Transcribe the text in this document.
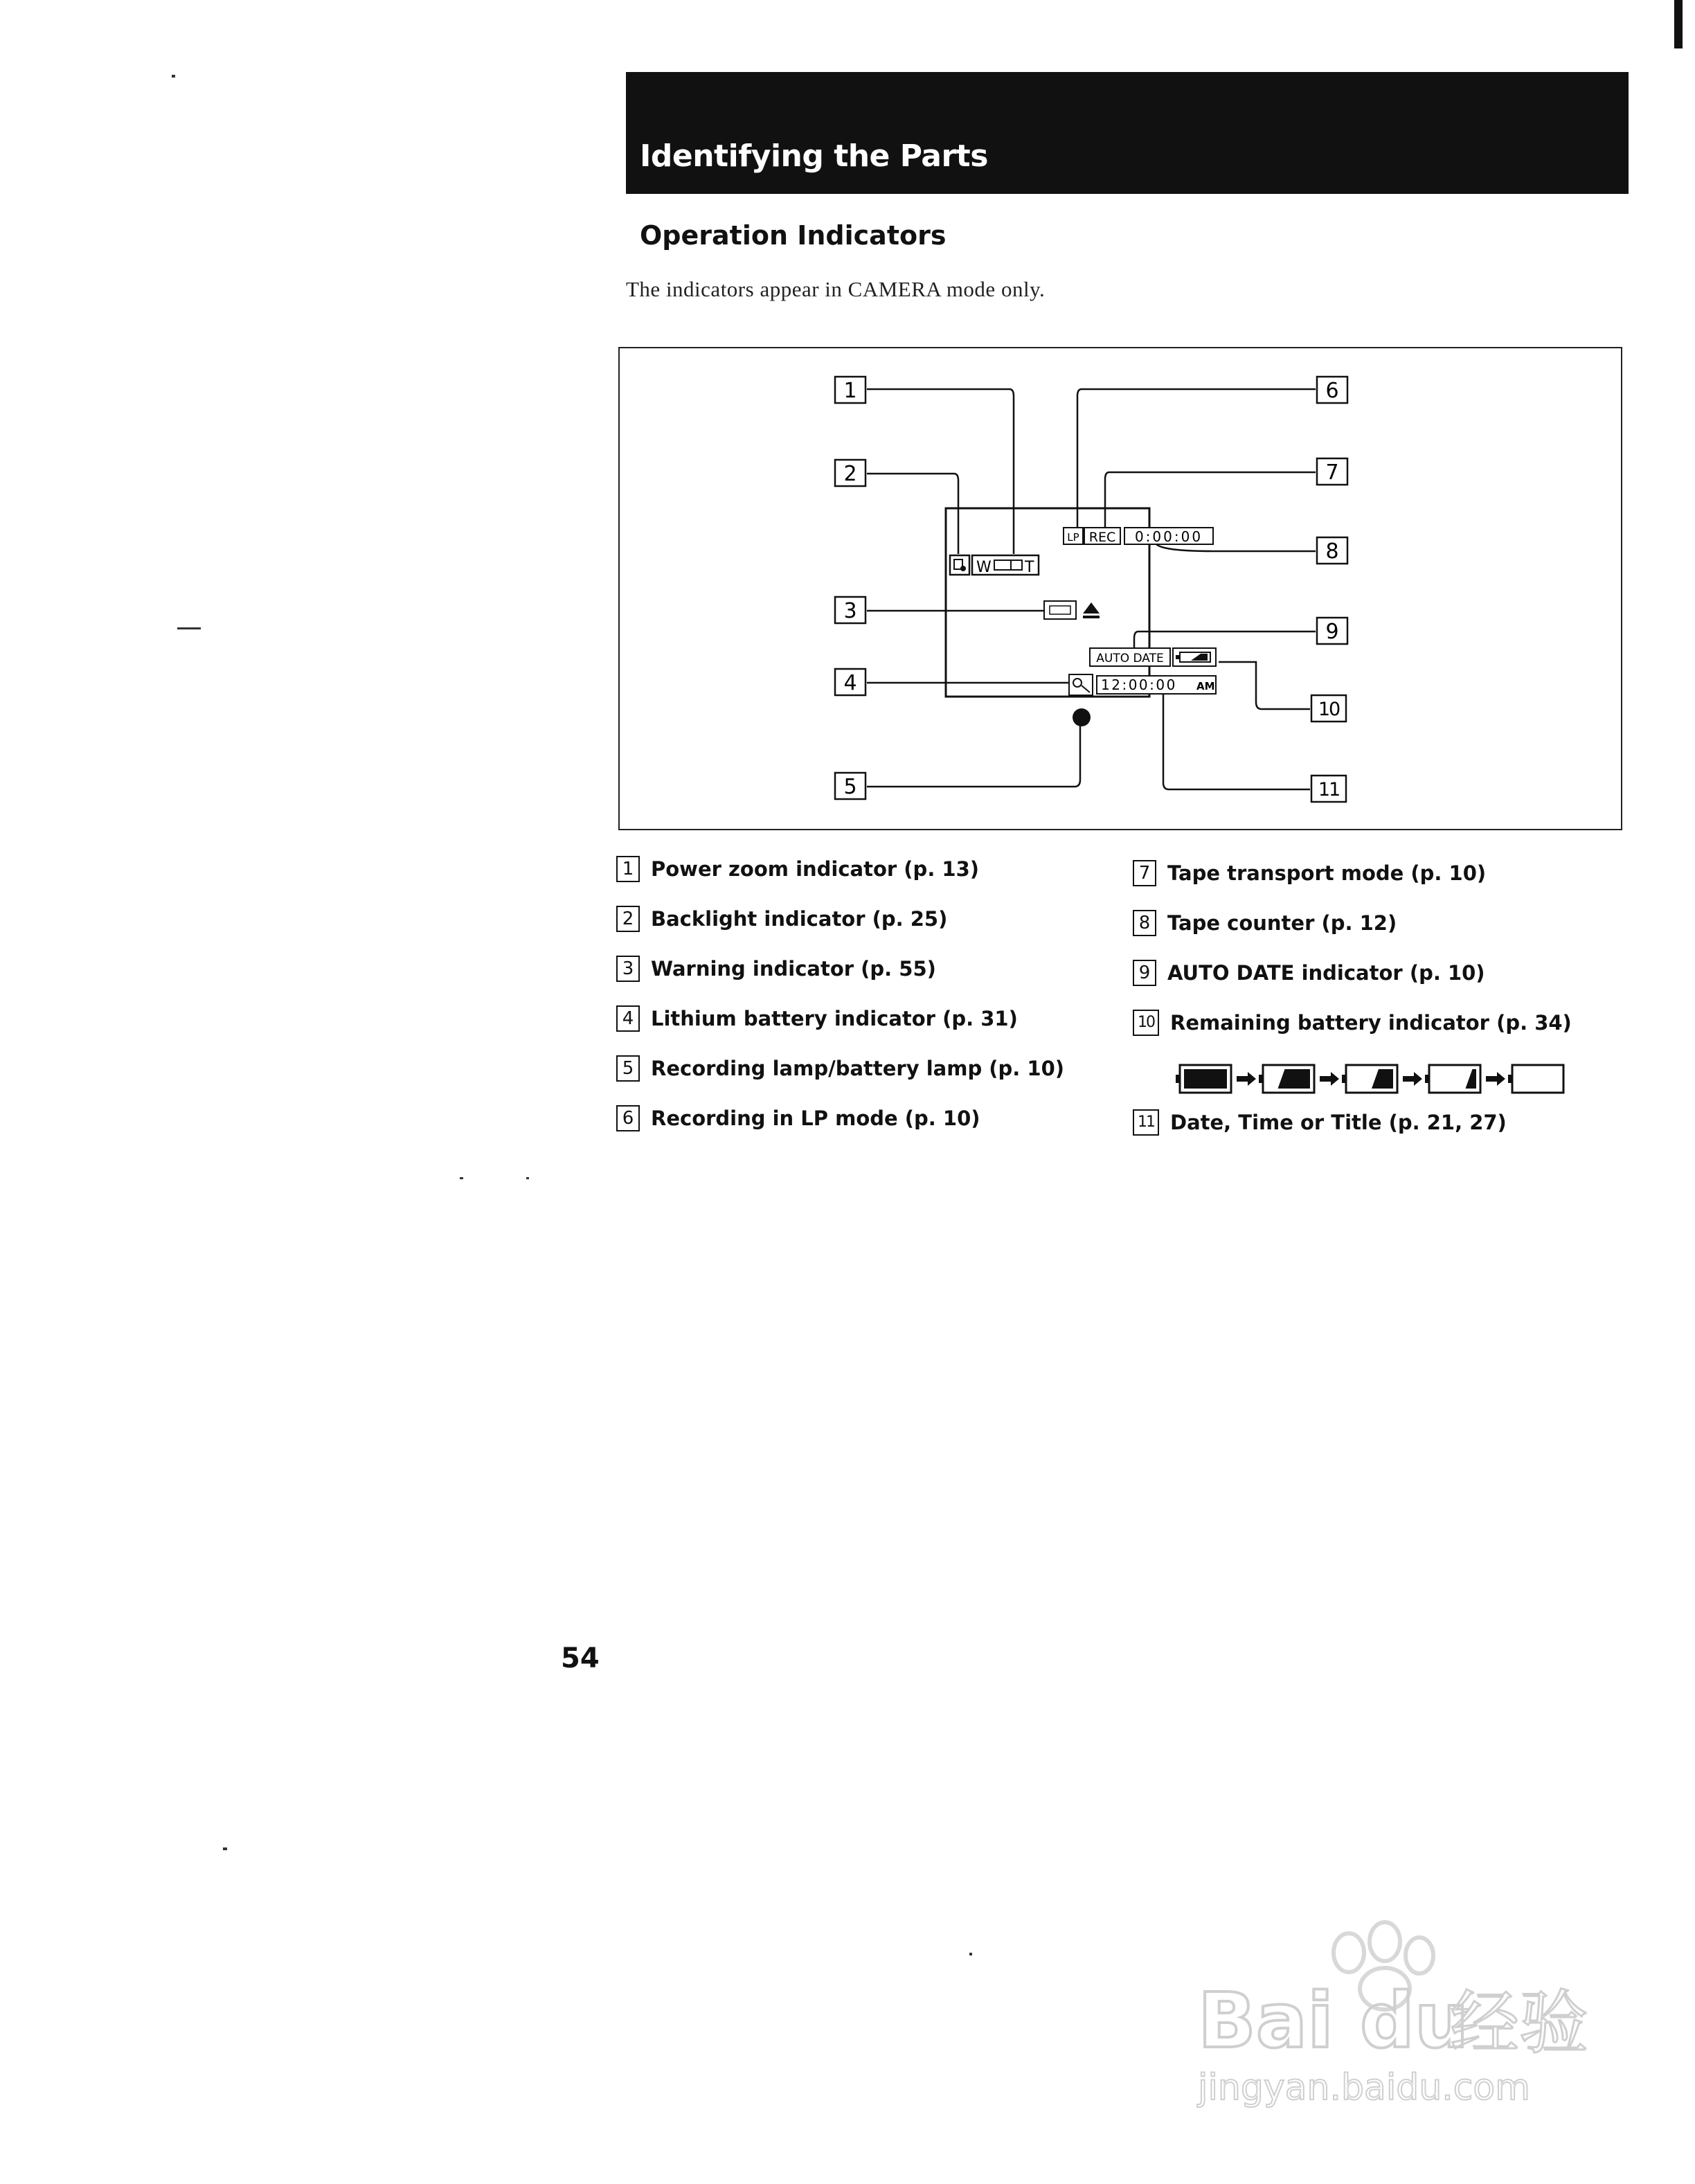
Identifying the Parts
Operation Indicators
The indicators appear in CAMERA mode only.
1
2
3
4
5
6
7
8
9
10
11
W T
LP REC 0:00:00
AUTO DATE
12:00:00 AM
1 Power zoom indicator (p. 13)
2 Backlight indicator (p. 25)
3 Warning indicator (p. 55)
4 Lithium battery indicator (p. 31)
5 Recording lamp/battery lamp (p. 10)
6 Recording in LP mode (p. 10)
7 Tape transport mode (p. 10)
8 Tape counter (p. 12)
9 AUTO DATE indicator (p. 10)
10 Remaining battery indicator (p. 34)
11 Date, Time or Title (p. 21, 27)
54
Bai du
经验
jingyan.baidu.com
